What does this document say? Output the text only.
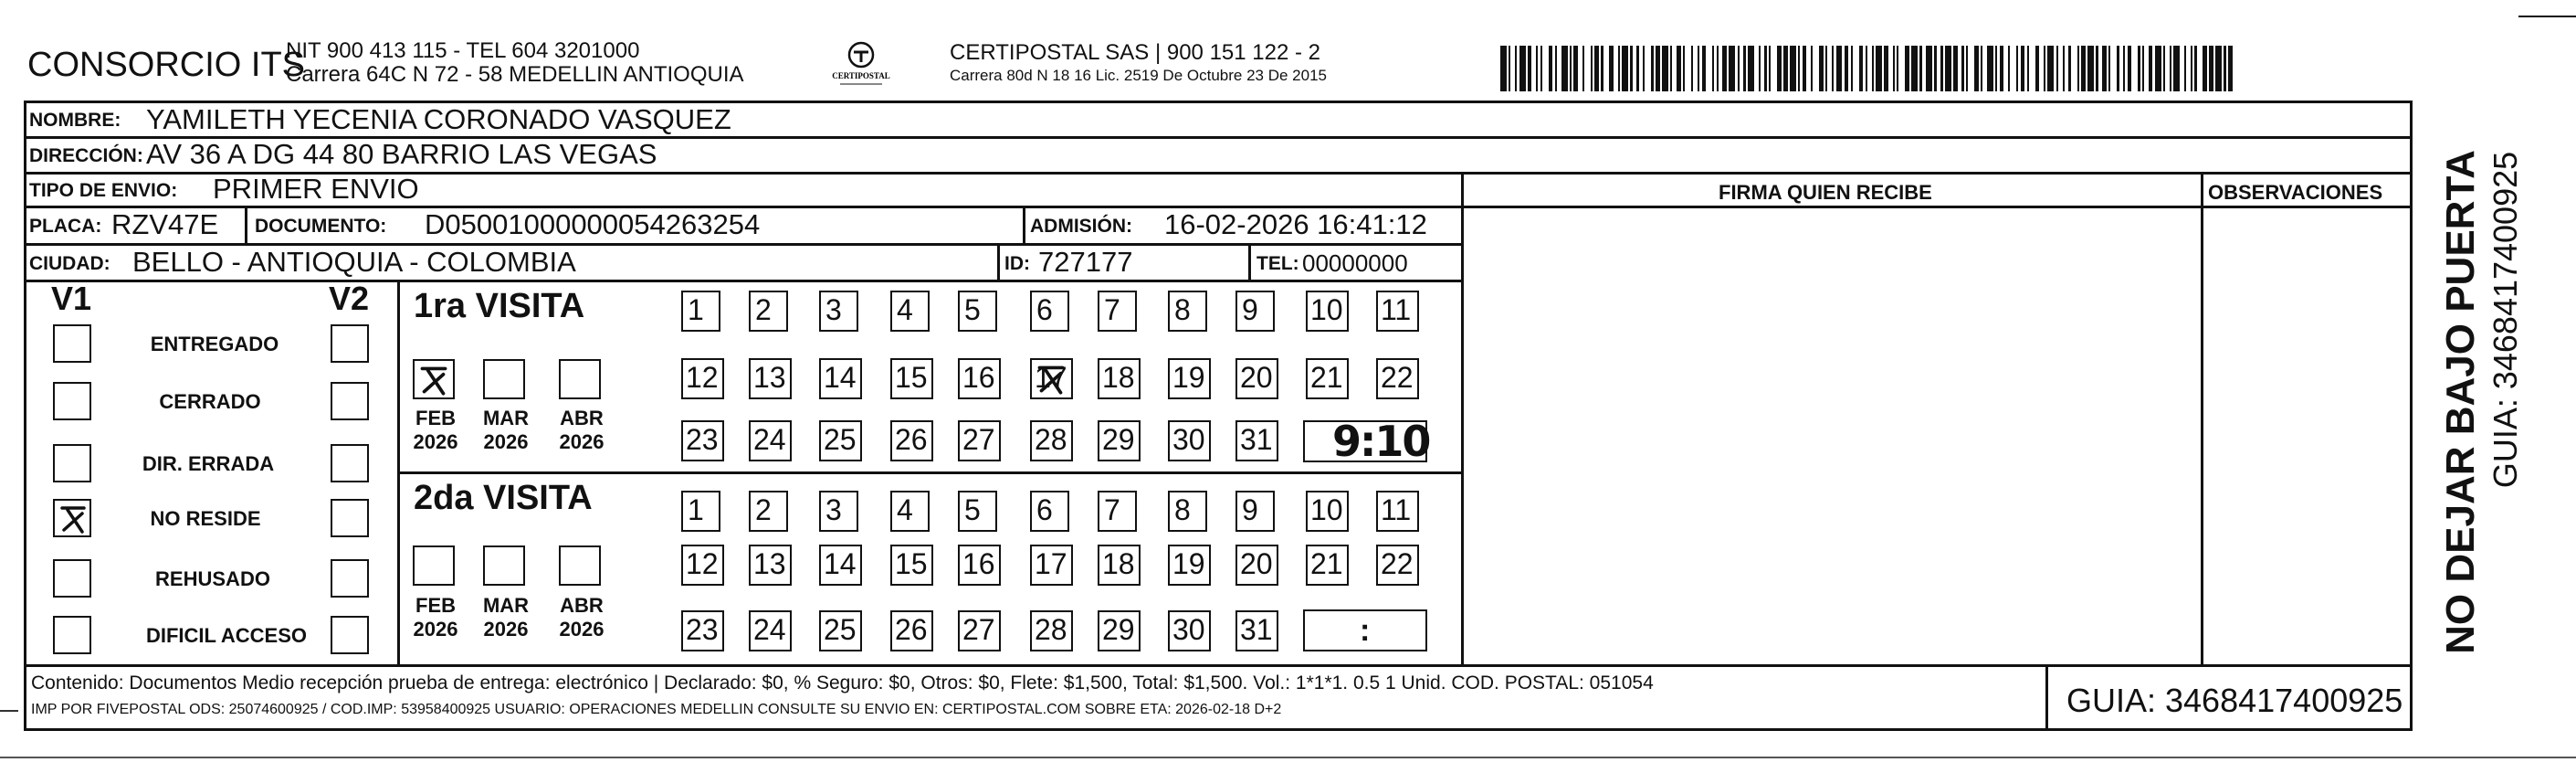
CONSORCIO ITS
NIT 900 413 115 - TEL 604 3201000
Carrera 64C N 72 - 58 MEDELLIN ANTIOQUIA	CERTIPOSTAL
CERTIPOSTAL SAS | 900 151 122 - 2
Carrera 80d N 18 16 Lic. 2519 De Octubre 23 De 2015
NOMBRE: YAMILETH YECENIA CORONADO VASQUEZ
DIRECCIÓN: AV 36 A DG 44 80 BARRIO LAS VEGAS
TIPO DE ENVIO: PRIMER ENVIO	FIRMA QUIEN RECIBE	OBSERVACIONES
PLACA: RZV47E DOCUMENTO: D05001000000054263254	ADMISIÓN: 16-02-2026 16:41:12
CIUDAD: BELLO - ANTIOQUIA - COLOMBIA	ID: 727177	TEL: 00000000
V1	V2
ENTREGADO
CERRADO
DIR. ERRADA
NO RESIDE
REHUSADO
DIFICIL ACCESO
1ra VISITA
FEB
2026
MAR
2026
ABR
2026
1	2	3	4	5	6	7	8	9	10 11
12 13 14 15 16 17 18 19 20 21 22
23 24 25 26 27 28 29 30 31 9:10
2da VISITA
FEB
2026
MAR
2026
ABR
2026
1	2	3	4	5	6	7	8	9	10 11
12 13 14 15 16 17 18 19 20 21 22
23 24 25 26 27 28 29 30 31	:
Contenido: Documentos Medio recepción prueba de entrega: electrónico | Declarado: $0, % Seguro: $0, Otros: $0, Flete: $1,500, Total: $1,500. Vol.: 1*1*1. 0.5 1 Unid. COD. POSTAL: 051054
IMP POR FIVEPOSTAL ODS: 25074600925 / COD.IMP: 53958400925 USUARIO: OPERACIONES MEDELLIN CONSULTE SU ENVIO EN: CERTIPOSTAL.COM SOBRE ETA: 2026-02-18 D+2	GUIA: 3468417400925
NO DEJAR BAJO PUERTA GUIA: 3468417400925
